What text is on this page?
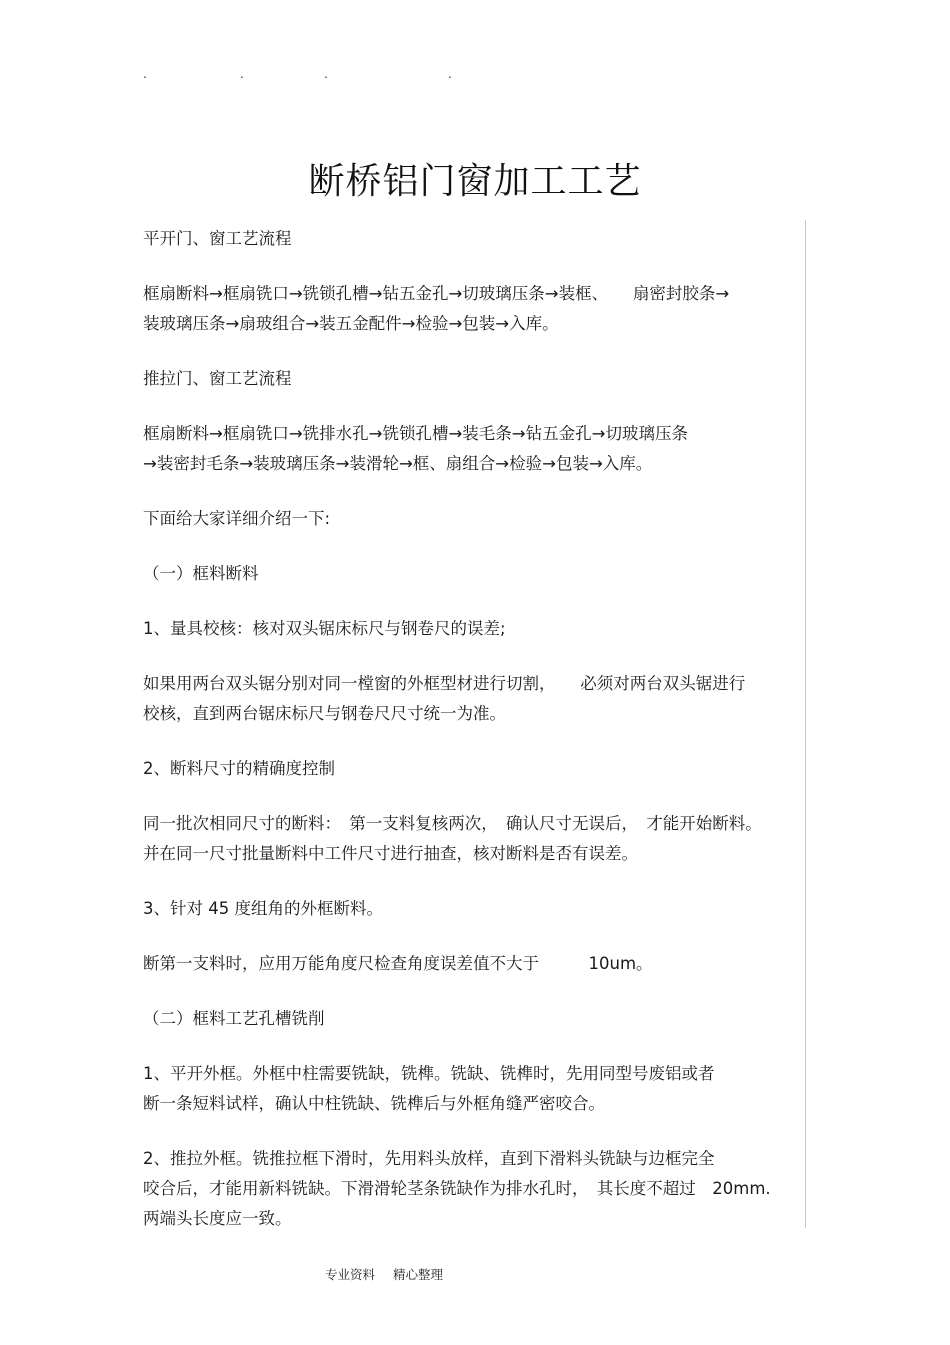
.	.	.	.
断桥铝门窗加工工艺

平开门、窗工艺流程

框扇断料→框扇铣口→铣锁孔槽→钻五金孔→切玻璃压条→装框、　　扇密封胶条→
装玻璃压条→扇玻组合→装五金配件→检验→包装→入库。

推拉门、窗工艺流程

框扇断料→框扇铣口→铣排水孔→铣锁孔槽→装毛条→钻五金孔→切玻璃压条
→装密封毛条→装玻璃压条→装滑轮→框、扇组合→检验→包装→入库。

下面给大家详细介绍一下:

（一）框料断料

1、量具校核：核对双头锯床标尺与钢卷尺的误差;

如果用两台双头锯分别对同一樘窗的外框型材进行切割，　　必须对两台双头锯进行
校核，直到两台锯床标尺与钢卷尺尺寸统一为准。

2、断料尺寸的精确度控制

同一批次相同尺寸的断料：　第一支料复核两次，　确认尺寸无误后，　才能开始断料。
并在同一尺寸批量断料中工件尺寸进行抽查，核对断料是否有误差。

3、针对 45 度组角的外框断料。

断第一支料时，应用万能角度尺检查角度误差值不大于　　　10um。

（二）框料工艺孔槽铣削

1、平开外框。外框中柱需要铣缺，铣榫。铣缺、铣榫时，先用同型号废铝或者
断一条短料试样，确认中柱铣缺、铣榫后与外框角缝严密咬合。

2、推拉外框。铣推拉框下滑时，先用料头放样，直到下滑料头铣缺与边框完全
咬合后，才能用新料铣缺。下滑滑轮茎条铣缺作为排水孔时，　其长度不超过　20mm.
两端头长度应一致。

专业资料 精心整理
